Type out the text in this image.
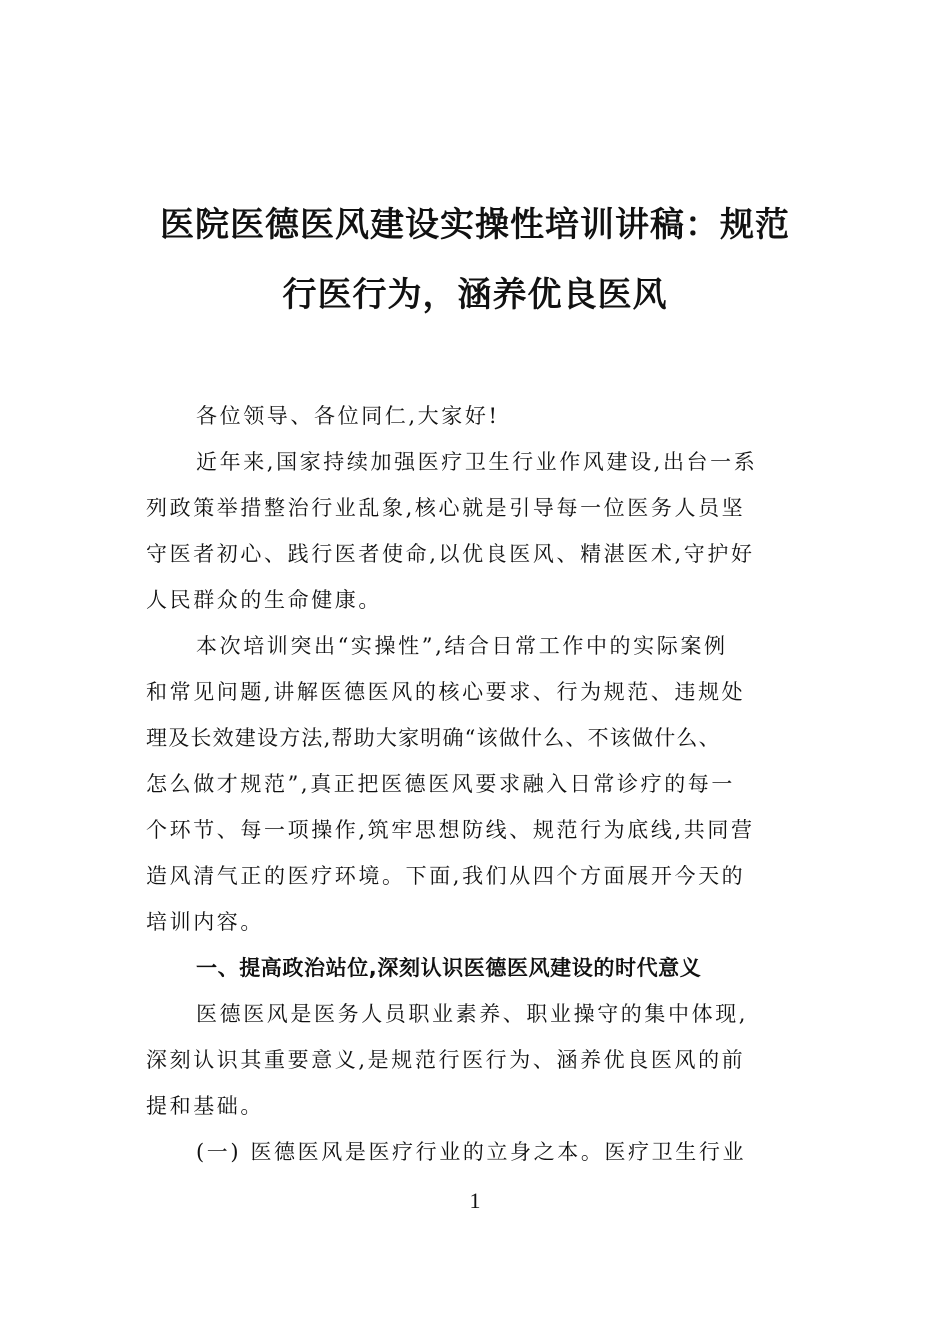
医院医德医风建设实操性培训讲稿：规范
行医行为，涵养优良医风
各位领导、各位同仁,大家好!
近年来,国家持续加强医疗卫生行业作风建设,出台一系
列政策举措整治行业乱象,核心就是引导每一位医务人员坚
守医者初心、践行医者使命,以优良医风、精湛医术,守护好
人民群众的生命健康。
本次培训突出“实操性”,结合日常工作中的实际案例
和常见问题,讲解医德医风的核心要求、行为规范、违规处
理及长效建设方法,帮助大家明确“该做什么、不该做什么、
怎么做才规范”,真正把医德医风要求融入日常诊疗的每一
个环节、每一项操作,筑牢思想防线、规范行为底线,共同营
造风清气正的医疗环境。下面,我们从四个方面展开今天的
培训内容。
一、提高政治站位,深刻认识医德医风建设的时代意义
医德医风是医务人员职业素养、职业操守的集中体现,
深刻认识其重要意义,是规范行医行为、涵养优良医风的前
提和基础。
(一) 医德医风是医疗行业的立身之本。医疗卫生行业
1
